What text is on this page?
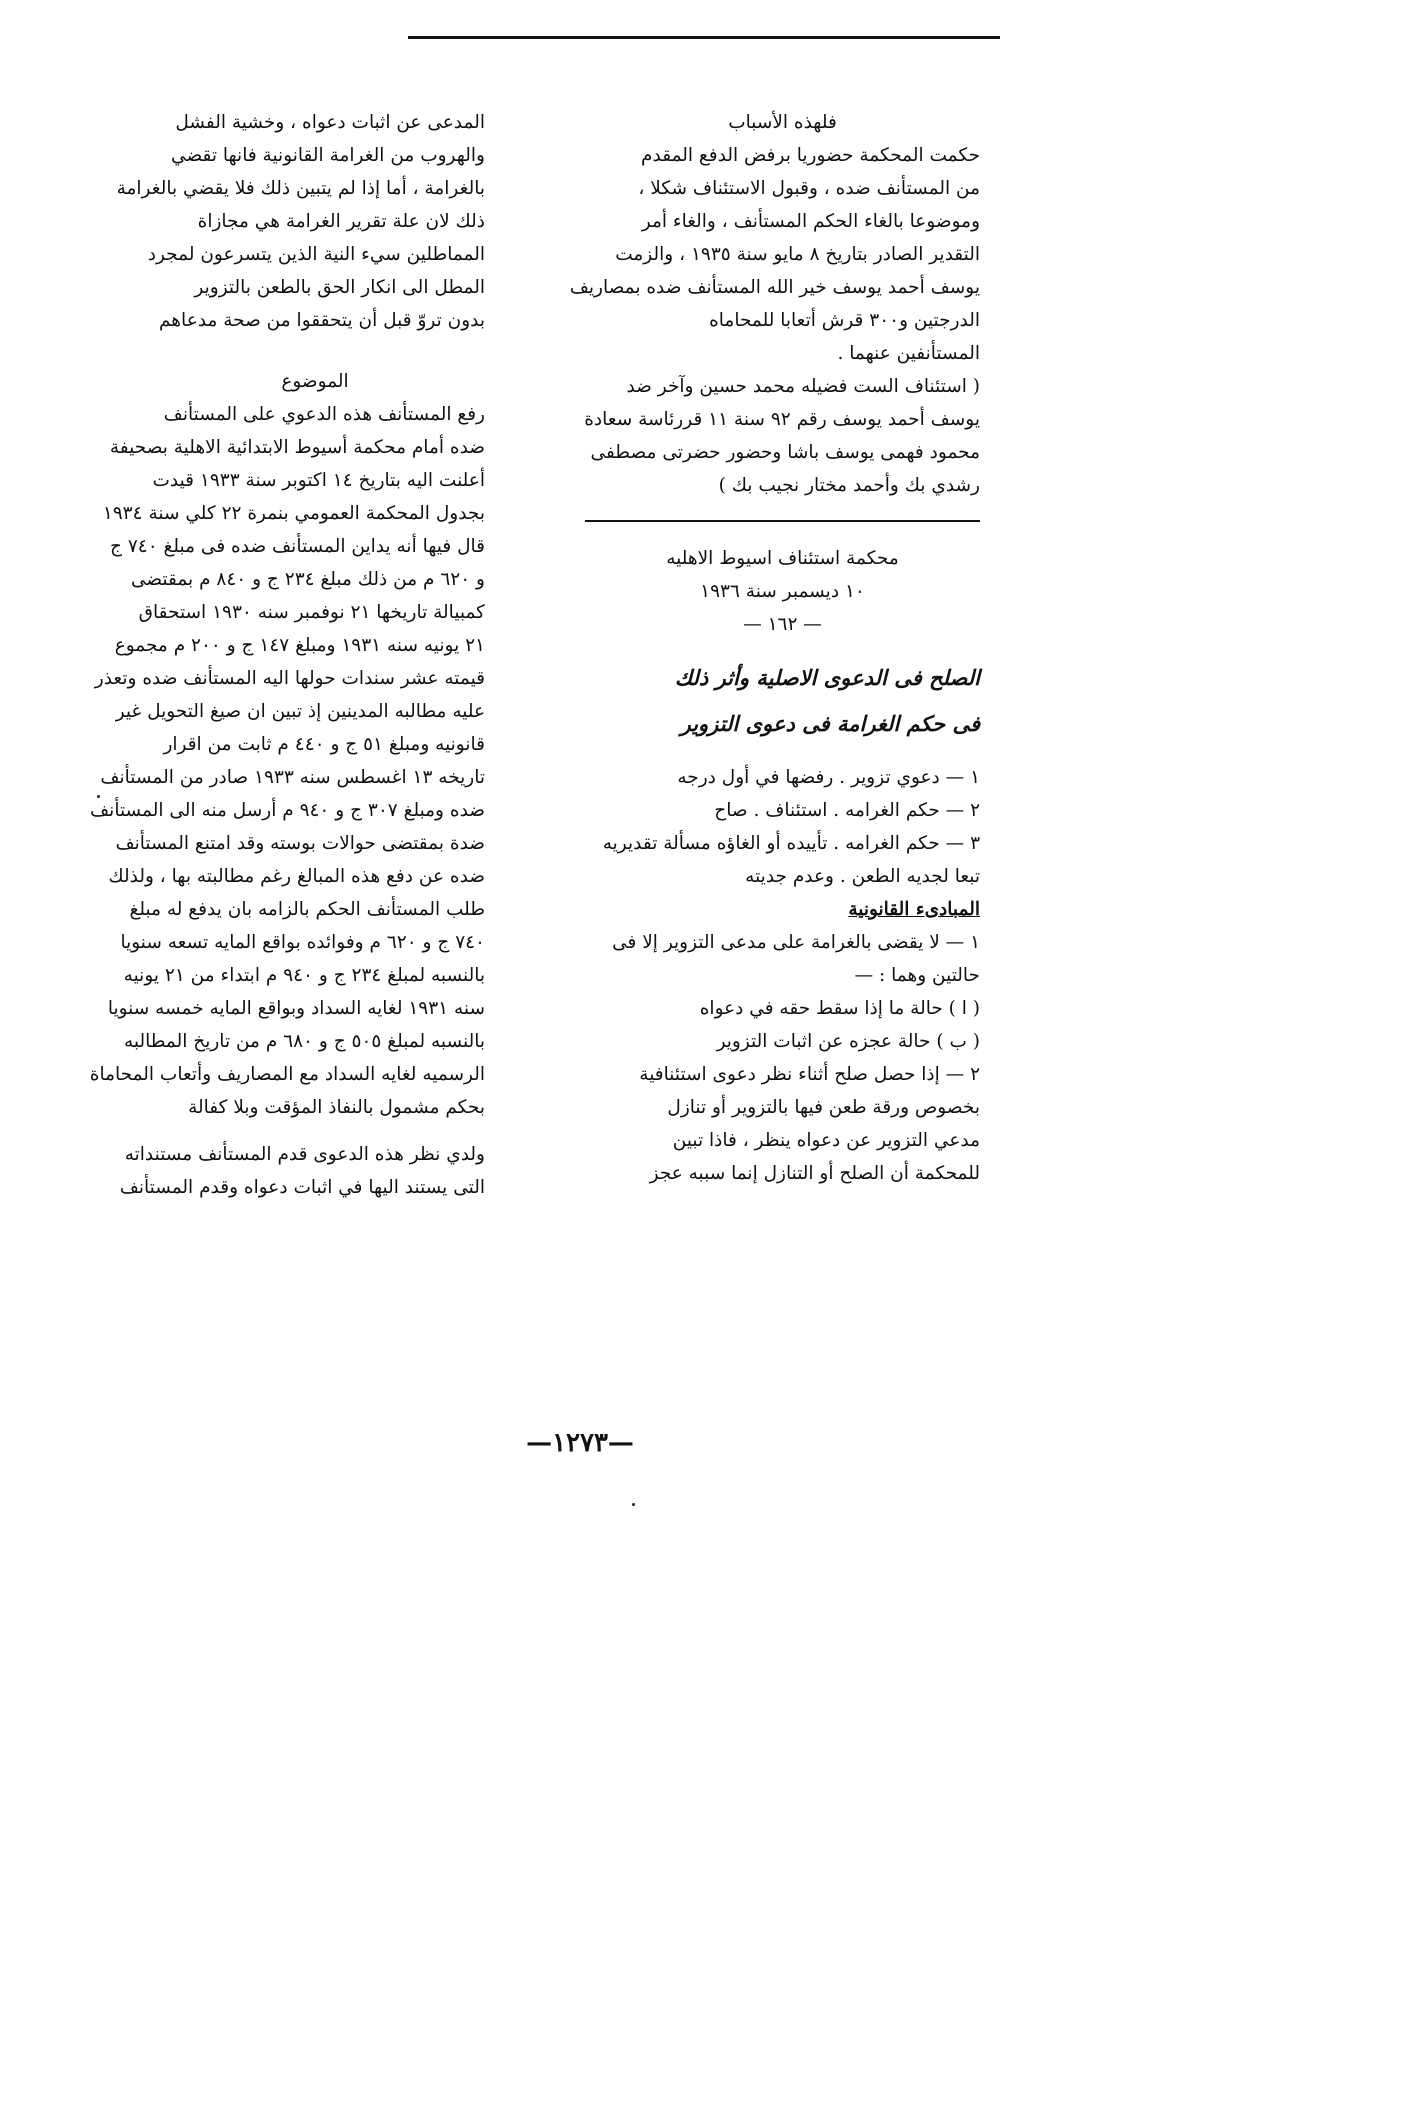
فلهذه الأسباب
حكمت المحكمة حضوريا برفض الدفع المقدم
من المستأنف ضده ، وقبول الاستئناف شكلا ،
وموضوعا بالغاء الحكم المستأنف ، والغاء أمر
التقدير الصادر بتاريخ ٨ مايو سنة ١٩٣٥ ، والزمت
يوسف أحمد يوسف خير الله المستأنف ضده بمصاريف
الدرجتين و٣٠٠ قرش أتعابا للمحاماه
المستأنفين عنهما .
( استئناف الست فضيله محمد حسين وآخر ضد
يوسف أحمد يوسف رقم ٩٢ سنة ١١ قررئاسة سعادة
محمود فهمى يوسف باشا وحضور حضرتى مصطفى
رشدي بك وأحمد مختار نجيب بك )
محكمة استئناف اسيوط الاهليه
١٠ ديسمبر سنة ١٩٣٦
— ١٦٢ —
الصلح فى الدعوى الاصلية وأثر ذلك
فى حكم الغرامة فى دعوى التزوير
١ — دعوي تزوير . رفضها في أول درجه
٢ — حكم الغرامه . استئناف . صاح
٣ — حكم الغرامه . تأييده أو الغاؤه مسألة تقديريه
تبعا لجديه الطعن . وعدم جديته
المبادىء القانونية
١ — لا يقضى بالغرامة على مدعى التزوير إلا فى
حالتين وهما : —
( ا ) حالة ما إذا سقط حقه في دعواه
( ب ) حالة عجزه عن اثبات التزوير
٢ — إذا حصل صلح أثناء نظر دعوى استئنافية
بخصوص ورقة طعن فيها بالتزوير أو تنازل
مدعي التزوير عن دعواه ينظر ، فاذا تبين
للمحكمة أن الصلح أو التنازل إنما سببه عجز
المدعى عن اثبات دعواه ، وخشية الفشل
والهروب من الغرامة القانونية فانها تقضي
بالغرامة ، أما إذا لم يتبين ذلك فلا يقضي بالغرامة
ذلك لان علة تقرير الغرامة هي مجازاة
المماطلين سيء النية الذين يتسرعون لمجرد
المطل الى انكار الحق بالطعن بالتزوير
بدون تروّ قبل أن يتحققوا من صحة مدعاهم
الموضوع
رفع المستأنف هذه الدعوي على المستأنف
ضده أمام محكمة أسيوط الابتدائية الاهلية بصحيفة
أعلنت اليه بتاريخ ١٤ اكتوبر سنة ١٩٣٣ قيدت
بجدول المحكمة العمومي بنمرة ٢٢ كلي سنة ١٩٣٤
قال فيها أنه يداين المستأنف ضده فى مبلغ ٧٤٠ ج
و ٦٢٠ م من ذلك مبلغ ٢٣٤ ج و ٨٤٠ م بمقتضى
كمبيالة تاريخها ٢١ نوفمبر سنه ١٩٣٠ استحقاق
٢١ يونيه سنه ١٩٣١ ومبلغ ١٤٧ ج و ٢٠٠ م مجموع
قيمته عشر سندات حولها اليه المستأنف ضده وتعذر
عليه مطالبه المدينين إذ تبين ان صيغ التحويل غير
قانونيه ومبلغ ٥١ ج و ٤٤٠ م ثابت من اقرار
تاريخه ١٣ اغسطس سنه ١٩٣٣ صادر من المستأنف
ضده ومبلغ ٣٠٧ ج و ٩٤٠ م أرسل منه الى المستأنف
ضدة بمقتضى حوالات بوسته وقد امتنع المستأنف
ضده عن دفع هذه المبالغ رغم مطالبته بها ، ولذلك
طلب المستأنف الحكم بالزامه بان يدفع له مبلغ
٧٤٠ ج و ٦٢٠ م وفوائده بواقع المايه تسعه سنويا
بالنسبه لمبلغ ٢٣٤ ج و ٩٤٠ م ابتداء من ٢١ يونيه
سنه ١٩٣١ لغايه السداد وبواقع المايه خمسه سنويا
بالنسبه لمبلغ ٥٠٥ ج و ٦٨٠ م من تاريخ المطالبه
الرسميه لغايه السداد مع المصاريف وأتعاب المحاماة
بحكم مشمول بالنفاذ المؤقت وبلا كفالة
ولدي نظر هذه الدعوى قدم المستأنف مستنداته
التى يستند اليها في اثبات دعواه وقدم المستأنف
—١٢٧٣—
